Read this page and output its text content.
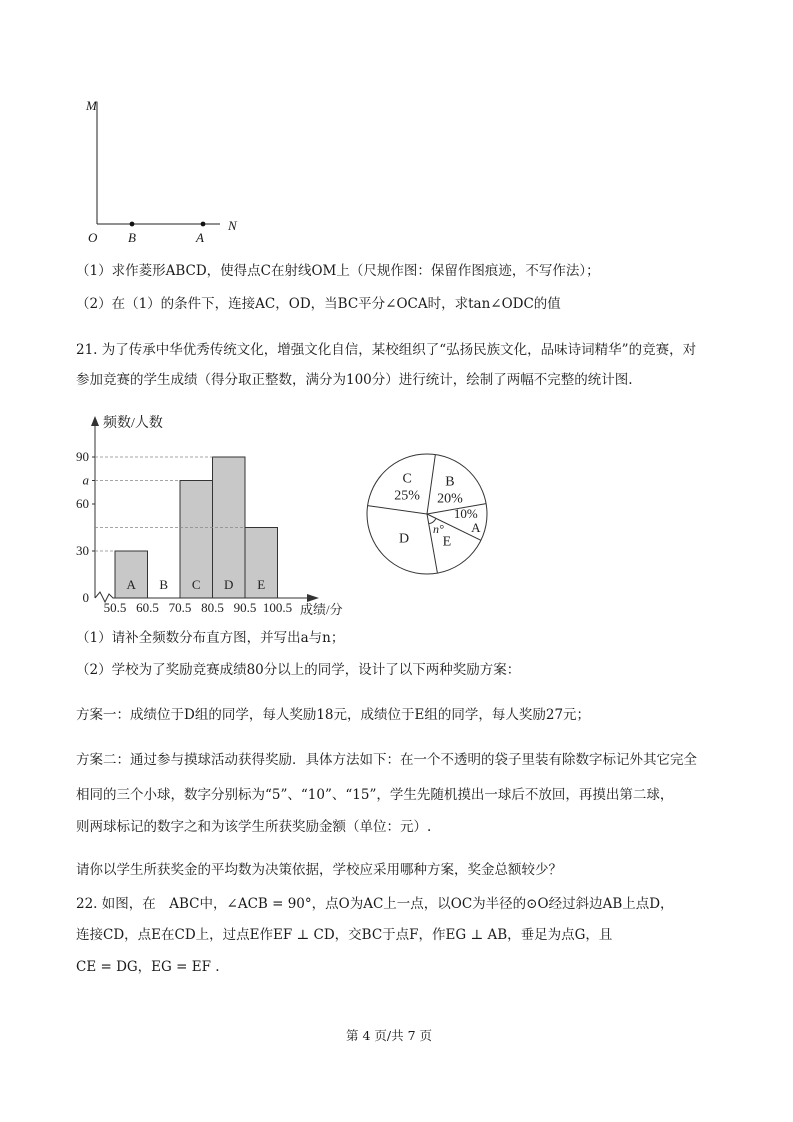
M
O B	A
N
（1）求作菱形ABCD，使得点C在射线OM上（尺规作图：保留作图痕迹，不写作法）；
（2）在（1）的条件下，连接AC，OD，当BC平分∠OCA时，求tan∠ODC的值
21. 为了传承中华优秀传统文化，增强文化自信，某校组织了“弘扬民族文化，品味诗词精华”的竞赛，对
参加竞赛的学生成绩（得分取正整数，满分为100分）进行统计，绘制了两幅不完整的统计图.
频数/人数
成绩/分
0
30
a
60
90
A B C D E
50.5 60.5 70.5 80.5 90.5 100.5
B
20%
10%
A
E
D
C
25%
n°
（1）请补全频数分布直方图，并写出a与n；
（2）学校为了奖励竞赛成绩80分以上的同学，设计了以下两种奖励方案：
方案一：成绩位于D组的同学，每人奖励18元，成绩位于E组的同学，每人奖励27元；
方案二：通过参与摸球活动获得奖励．具体方法如下：在一个不透明的袋子里装有除数字标记外其它完全
相同的三个小球，数字分别标为“5”、“10”、“15”，学生先随机摸出一球后不放回，再摸出第二球，
则两球标记的数字之和为该学生所获奖励金额（单位：元）.
请你以学生所获奖金的平均数为决策依据，学校应采用哪种方案，奖金总额较少？
22. 如图，在　ABC中，∠ACB = 90°，点O为AC上一点，以OC为半径的⊙O经过斜边AB上点D，
连接CD，点E在CD上，过点E作EF ⊥ CD，交BC于点F，作EG ⊥ AB，垂足为点G，且
CE = DG，EG = EF .
第 4 页/共 7 页
